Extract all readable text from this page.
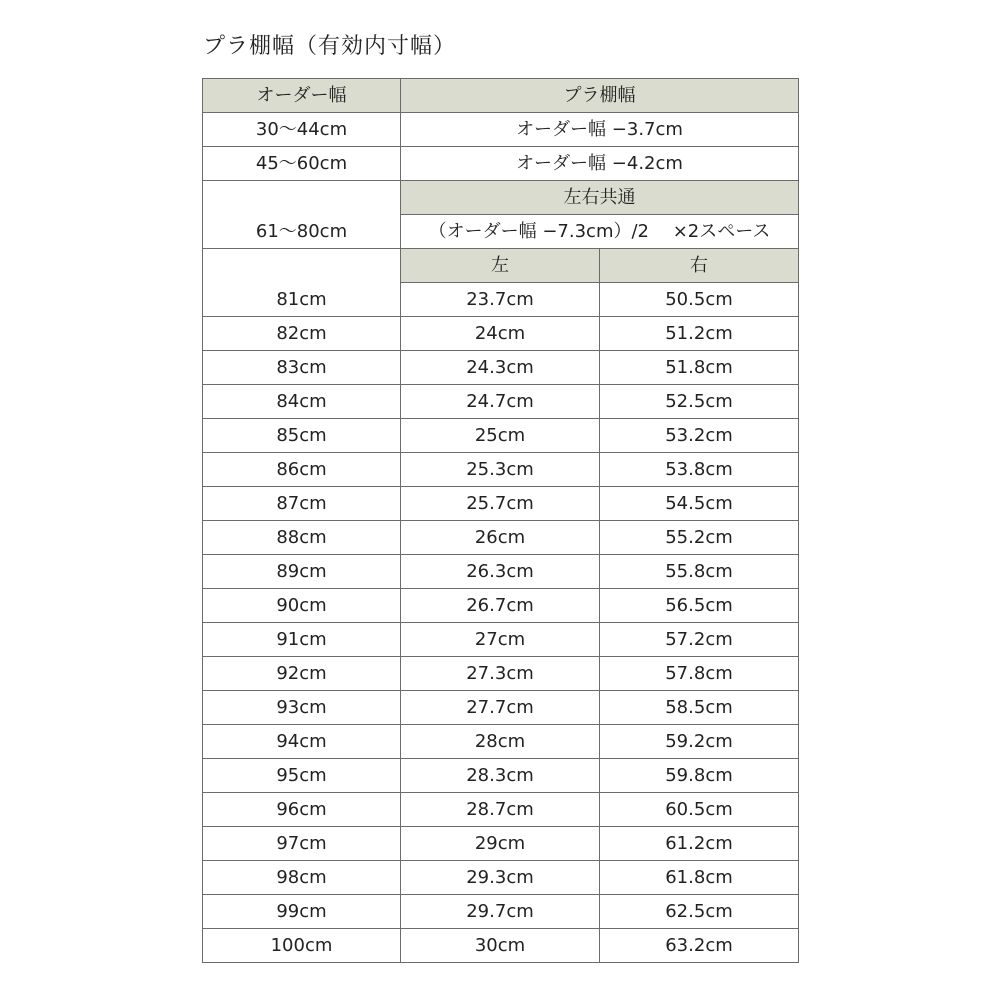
プラ棚幅（有効内寸幅）
オーダー幅	プラ棚幅	
30〜44cm	オーダー幅 −3.7cm	
45〜60cm	オーダー幅 −4.2cm	
61〜80cm	左右共通	
	（オーダー幅 −7.3cm）/2　 ×2スペース	
	左	右
81cm	23.7cm	50.5cm
82cm	24cm	51.2cm
83cm	24.3cm	51.8cm
84cm	24.7cm	52.5cm
85cm	25cm	53.2cm
86cm	25.3cm	53.8cm
87cm	25.7cm	54.5cm
88cm	26cm	55.2cm
89cm	26.3cm	55.8cm
90cm	26.7cm	56.5cm
91cm	27cm	57.2cm
92cm	27.3cm	57.8cm
93cm	27.7cm	58.5cm
94cm	28cm	59.2cm
95cm	28.3cm	59.8cm
96cm	28.7cm	60.5cm
97cm	29cm	61.2cm
98cm	29.3cm	61.8cm
99cm	29.7cm	62.5cm
100cm	30cm	63.2cm
